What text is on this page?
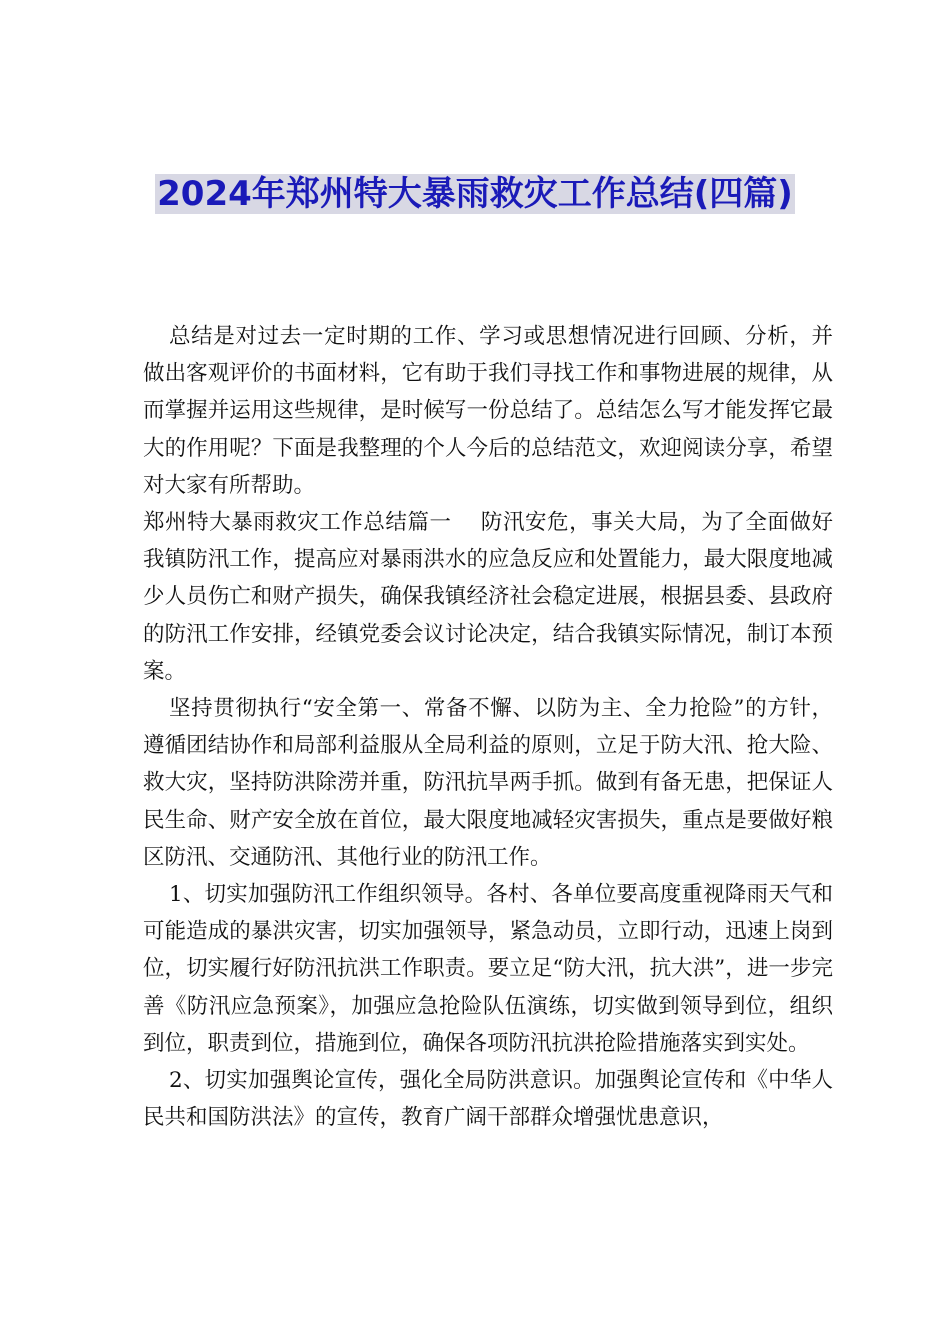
2024年郑州特大暴雨救灾工作总结(四篇)

总结是对过去一定时期的工作、学习或思想情况进行回顾、分析，并做出客观评价的书面材料，它有助于我们寻找工作和事物进展的规律，从而掌握并运用这些规律，是时候写一份总结了。总结怎么写才能发挥它最大的作用呢？下面是我整理的个人今后的总结范文，欢迎阅读分享，希望对大家有所帮助。

郑州特大暴雨救灾工作总结篇一　 防汛安危，事关大局，为了全面做好我镇防汛工作，提高应对暴雨洪水的应急反应和处置能力，最大限度地减少人员伤亡和财产损失，确保我镇经济社会稳定进展，根据县委、县政府的防汛工作安排，经镇党委会议讨论决定，结合我镇实际情况，制订本预案。

坚持贯彻执行“安全第一、常备不懈、以防为主、全力抢险”的方针，遵循团结协作和局部利益服从全局利益的原则，立足于防大汛、抢大险、救大灾，坚持防洪除涝并重，防汛抗旱两手抓。做到有备无患，把保证人民生命、财产安全放在首位，最大限度地减轻灾害损失，重点是要做好粮区防汛、交通防汛、其他行业的防汛工作。

1、切实加强防汛工作组织领导。各村、各单位要高度重视降雨天气和可能造成的暴洪灾害，切实加强领导，紧急动员，立即行动，迅速上岗到位，切实履行好防汛抗洪工作职责。要立足“防大汛，抗大洪”，进一步完善《防汛应急预案》，加强应急抢险队伍演练，切实做到领导到位，组织到位，职责到位，措施到位，确保各项防汛抗洪抢险措施落实到实处。

2、切实加强舆论宣传，强化全局防洪意识。加强舆论宣传和《中华人民共和国防洪法》的宣传，教育广阔干部群众增强忧患意识，
